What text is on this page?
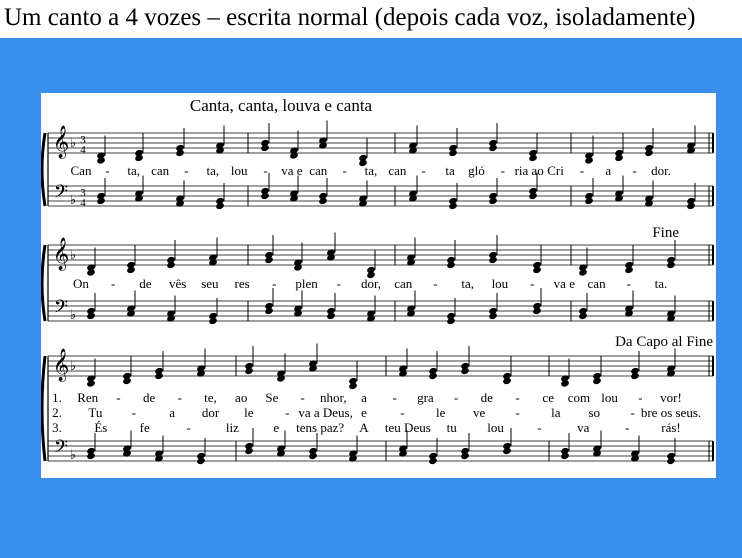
Um canto a 4 vozes – escrita normal (depois cada voz, isoladamente)
Canta, canta, louva e canta
Fine
Da Capo al Fine
𝄞
𝄢
♭
♭
3
4
3
4
Can - ta, can - ta, lou - va e can - ta, can - ta gló - ria ao Cri - a - dor.
𝄞
𝄢
♭
♭
On - de vês seu res - plen - dor, can - ta, lou - va e can - ta.
𝄞
𝄢
♭
♭
1. Ren - de - te, ao Se - nhor, a - gra - de - ce com lou - vor!
2. Tu -	a dor le - va a Deus, e	- le ve - la so - bre os seus.
3. És fe	-	liz	e tens paz? A teu Deus tu lou	-	va	- rás!
